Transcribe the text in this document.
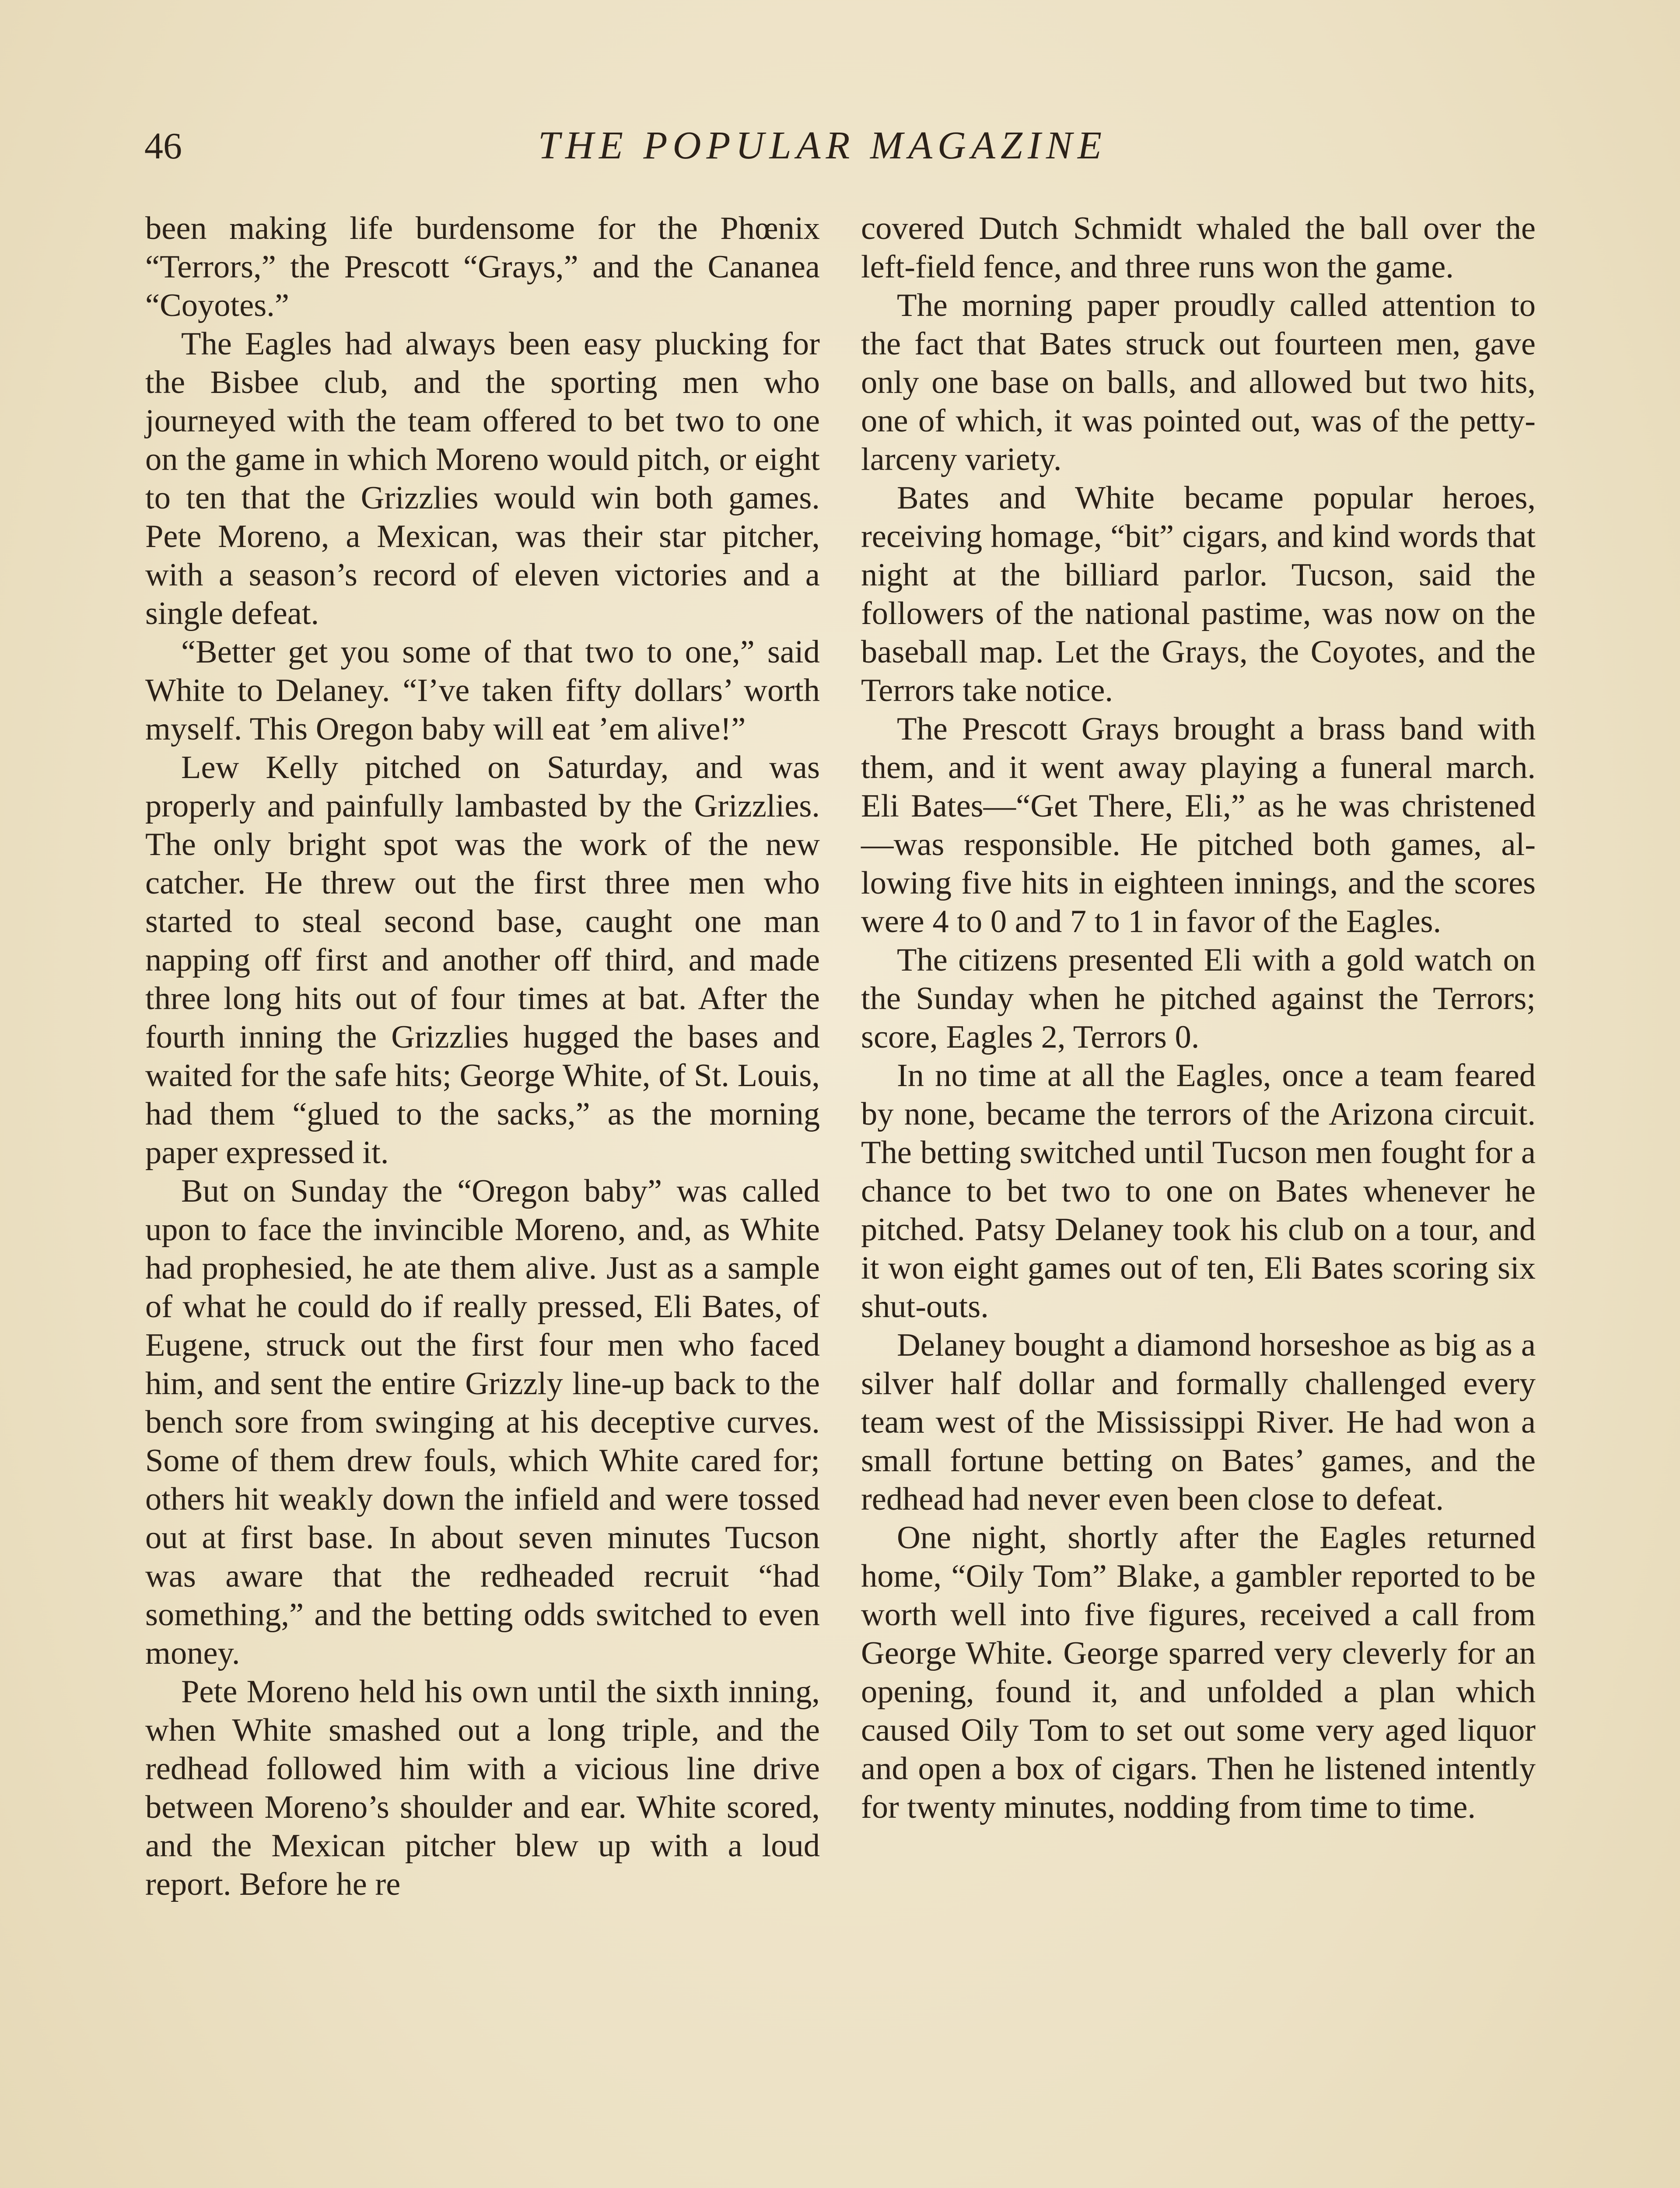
46	THE POPULAR MAGAZINE

been making life burdensome for the Phœnix “Terrors,” the Prescott “Grays,” and the Cananea “Coyotes.”

The Eagles had always been easy plucking for the Bisbee club, and the sporting men who journeyed with the team offered to bet two to one on the game in which Moreno would pitch, or eight to ten that the Grizzlies would win both games. Pete Moreno, a Mexican, was their star pitcher, with a season’s record of eleven victories and a single defeat.

“Better get you some of that two to one,” said White to Delaney. “I’ve taken fifty dollars’ worth myself. This Oregon baby will eat ’em alive!”

Lew Kelly pitched on Saturday, and was properly and painfully lambasted by the Grizzlies. The only bright spot was the work of the new catcher. He threw out the first three men who started to steal second base, caught one man napping off first and another off third, and made three long hits out of four times at bat. After the fourth inning the Grizzlies hugged the bases and waited for the safe hits; George White, of St. Louis, had them “glued to the sacks,” as the morning paper expressed it.

But on Sunday the “Oregon baby” was called upon to face the invincible Moreno, and, as White had prophesied, he ate them alive. Just as a sample of what he could do if really pressed, Eli Bates, of Eugene, struck out the first four men who faced him, and sent the entire Grizzly line-up back to the bench sore from swinging at his deceptive curves. Some of them drew fouls, which White cared for; others hit weakly down the infield and were tossed out at first base. In about seven minutes Tucson was aware that the redheaded recruit “had something,” and the betting odds switched to even money.

Pete Moreno held his own until the sixth inning, when White smashed out a long triple, and the redhead followed him with a vicious line drive between Moreno’s shoulder and ear. White scored, and the Mexican pitcher blew up with a loud report. Before he re

covered Dutch Schmidt whaled the ball over the left-field fence, and three runs won the game.

The morning paper proudly called attention to the fact that Bates struck out fourteen men, gave only one base on balls, and allowed but two hits, one of which, it was pointed out, was of the petty-larceny variety.

Bates and White became popular heroes, receiving homage, “bit” cigars, and kind words that night at the billiard parlor. Tucson, said the followers of the national pastime, was now on the baseball map. Let the Grays, the Coyotes, and the Terrors take notice.

The Prescott Grays brought a brass band with them, and it went away playing a funeral march. Eli Bates—“Get There, Eli,” as he was christened—was responsible. He pitched both games, allowing five hits in eighteen innings, and the scores were 4 to 0 and 7 to 1 in favor of the Eagles.

The citizens presented Eli with a gold watch on the Sunday when he pitched against the Terrors; score, Eagles 2, Terrors 0.

In no time at all the Eagles, once a team feared by none, became the terrors of the Arizona circuit. The betting switched until Tucson men fought for a chance to bet two to one on Bates whenever he pitched. Patsy Delaney took his club on a tour, and it won eight games out of ten, Eli Bates scoring six shut-outs.

Delaney bought a diamond horseshoe as big as a silver half dollar and formally challenged every team west of the Mississippi River. He had won a small fortune betting on Bates’ games, and the redhead had never even been close to defeat.

One night, shortly after the Eagles returned home, “Oily Tom” Blake, a gambler reported to be worth well into five figures, received a call from George White. George sparred very cleverly for an opening, found it, and unfolded a plan which caused Oily Tom to set out some very aged liquor and open a box of cigars. Then he listened intently for twenty minutes, nodding from time to time.
